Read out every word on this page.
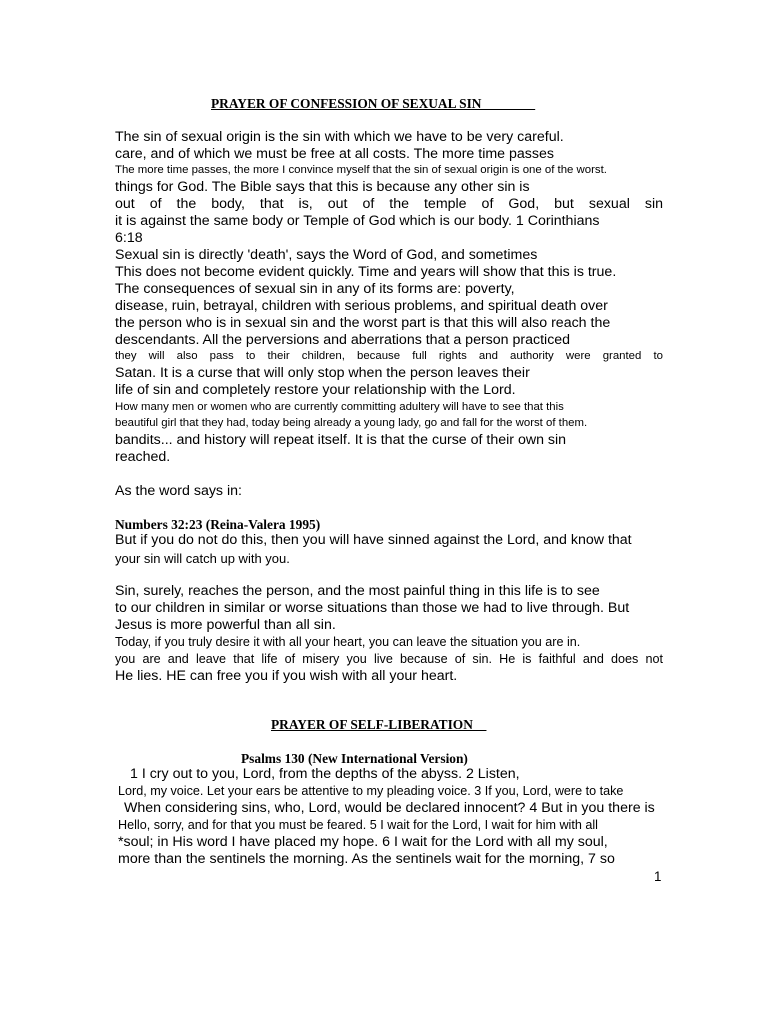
PRAYER OF CONFESSION OF SEXUAL SIN________
The sin of sexual origin is the sin with which we have to be very careful.
care, and of which we must be free at all costs. The more time passes
The more time passes, the more I convince myself that the sin of sexual origin is one of the worst.
things for God. The Bible says that this is because any other sin is
out of the body, that is, out of the temple of God, but sexual sin
it is against the same body or Temple of God which is our body. 1 Corinthians
6:18
Sexual sin is directly 'death', says the Word of God, and sometimes
This does not become evident quickly. Time and years will show that this is true.
The consequences of sexual sin in any of its forms are: poverty,
disease, ruin, betrayal, children with serious problems, and spiritual death over
the person who is in sexual sin and the worst part is that this will also reach the
descendants. All the perversions and aberrations that a person practiced
they will also pass to their children, because full rights and authority were granted to
Satan. It is a curse that will only stop when the person leaves their
life of sin and completely restore your relationship with the Lord.
How many men or women who are currently committing adultery will have to see that this
beautiful girl that they had, today being already a young lady, go and fall for the worst of them.
bandits... and history will repeat itself. It is that the curse of their own sin
reached.
As the word says in:
Numbers 32:23 (Reina-Valera 1995)
But if you do not do this, then you will have sinned against the Lord, and know that
your sin will catch up with you.
Sin, surely, reaches the person, and the most painful thing in this life is to see
to our children in similar or worse situations than those we had to live through. But
Jesus is more powerful than all sin.
Today, if you truly desire it with all your heart, you can leave the situation you are in.
you are and leave that life of misery you live because of sin. He is faithful and does not
He lies. HE can free you if you wish with all your heart.
PRAYER OF SELF-LIBERATION__
Psalms 130 (New International Version)
1 I cry out to you, Lord, from the depths of the abyss. 2 Listen,
Lord, my voice. Let your ears be attentive to my pleading voice. 3 If you, Lord, were to take
When considering sins, who, Lord, would be declared innocent? 4 But in you there is
Hello, sorry, and for that you must be feared. 5 I wait for the Lord, I wait for him with all
*soul; in His word I have placed my hope. 6 I wait for the Lord with all my soul,
more than the sentinels the morning. As the sentinels wait for the morning, 7 so
1
